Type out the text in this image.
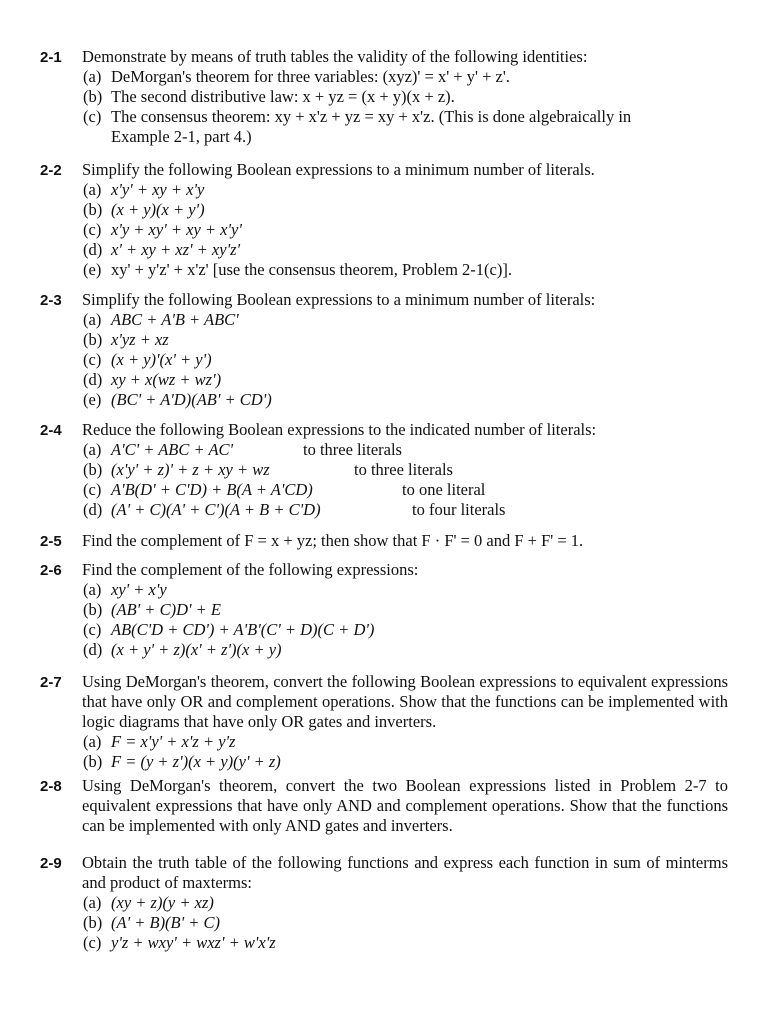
2-1 Demonstrate by means of truth tables the validity of the following identities:

(a) DeMorgan's theorem for three variables: (xyz)' = x' + y' + z'.

(b) The second distributive law: x + yz = (x + y)(x + z).

(c) The consensus theorem: xy + x'z + yz = xy + x'z. (This is done algebraically in

Example 2-1, part 4.)

2-2 Simplify the following Boolean expressions to a minimum number of literals.

(a) x'y' + xy + x'y

(b) (x + y)(x + y')

(c) x'y + xy' + xy + x'y'

(d) x' + xy + xz' + xy'z'

(e) xy' + y'z' + x'z' [use the consensus theorem, Problem 2-1(c)].

2-3 Simplify the following Boolean expressions to a minimum number of literals:

(a) ABC + A'B + ABC'

(b) x'yz + xz

(c) (x + y)'(x' + y')

(d) xy + x(wz + wz')

(e) (BC' + A'D)(AB' + CD')

2-4 Reduce the following Boolean expressions to the indicated number of literals:

(a) A'C' + ABC + AC'	to three literals

(b) (x'y' + z)' + z + xy + wz	to three literals

(c) A'B(D' + C'D) + B(A + A'CD)	to one literal

(d) (A' + C)(A' + C')(A + B + C'D)	to four literals

2-5 Find the complement of F = x + yz; then show that F · F' = 0 and F + F' = 1.

2-6 Find the complement of the following expressions:

(a) xy' + x'y

(b) (AB' + C)D' + E

(c) AB(C'D + CD') + A'B'(C' + D)(C + D')

(d) (x + y' + z)(x' + z')(x + y)

2-7 Using DeMorgan's theorem, convert the following Boolean expressions to equivalent expressions that have only OR and complement operations. Show that the functions can be implemented with logic diagrams that have only OR gates and inverters.

(a) F = x'y' + x'z + y'z

(b) F = (y + z')(x + y)(y' + z)

2-8 Using DeMorgan's theorem, convert the two Boolean expressions listed in Problem 2-7 to equivalent expressions that have only AND and complement operations. Show that the functions can be implemented with only AND gates and inverters.

2-9 Obtain the truth table of the following functions and express each function in sum of minterms and product of maxterms:

(a) (xy + z)(y + xz)

(b) (A' + B)(B' + C)

(c) y'z + wxy' + wxz' + w'x'z
